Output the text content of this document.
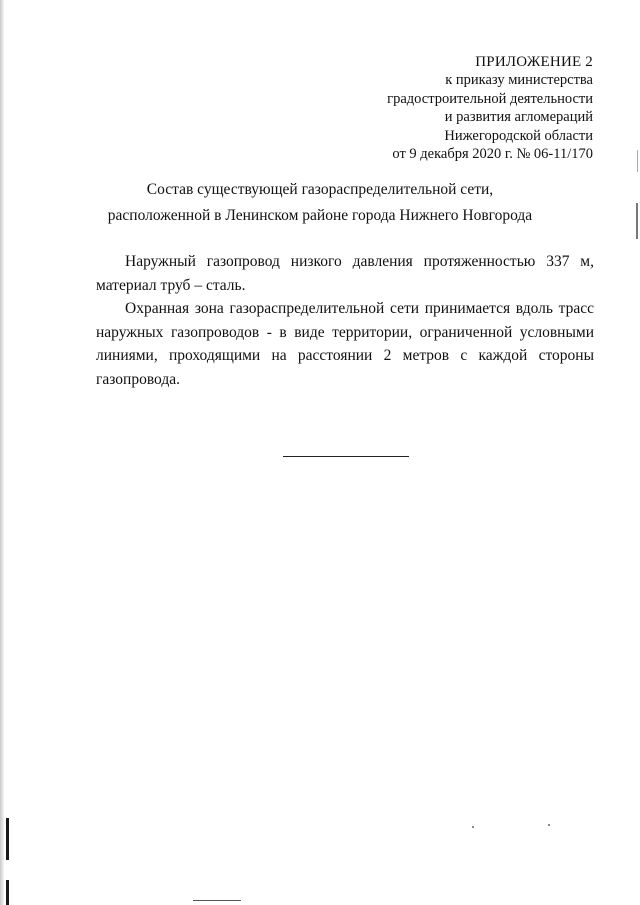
ПРИЛОЖЕНИЕ 2
к приказу министерства
градостроительной деятельности
и развития агломераций
Нижегородской области
от 9 декабря 2020 г. № 06-11/170
Состав существующей газораспределительной сети,
расположенной в Ленинском районе города Нижнего Новгорода

Наружный газопровод низкого давления протяженностью 337 м, материал труб – сталь.

Охранная зона газораспределительной сети принимается вдоль трасс наружных газопроводов - в виде территории, ограниченной условными линиями, проходящими на расстоянии 2 метров с каждой стороны газопровода.
